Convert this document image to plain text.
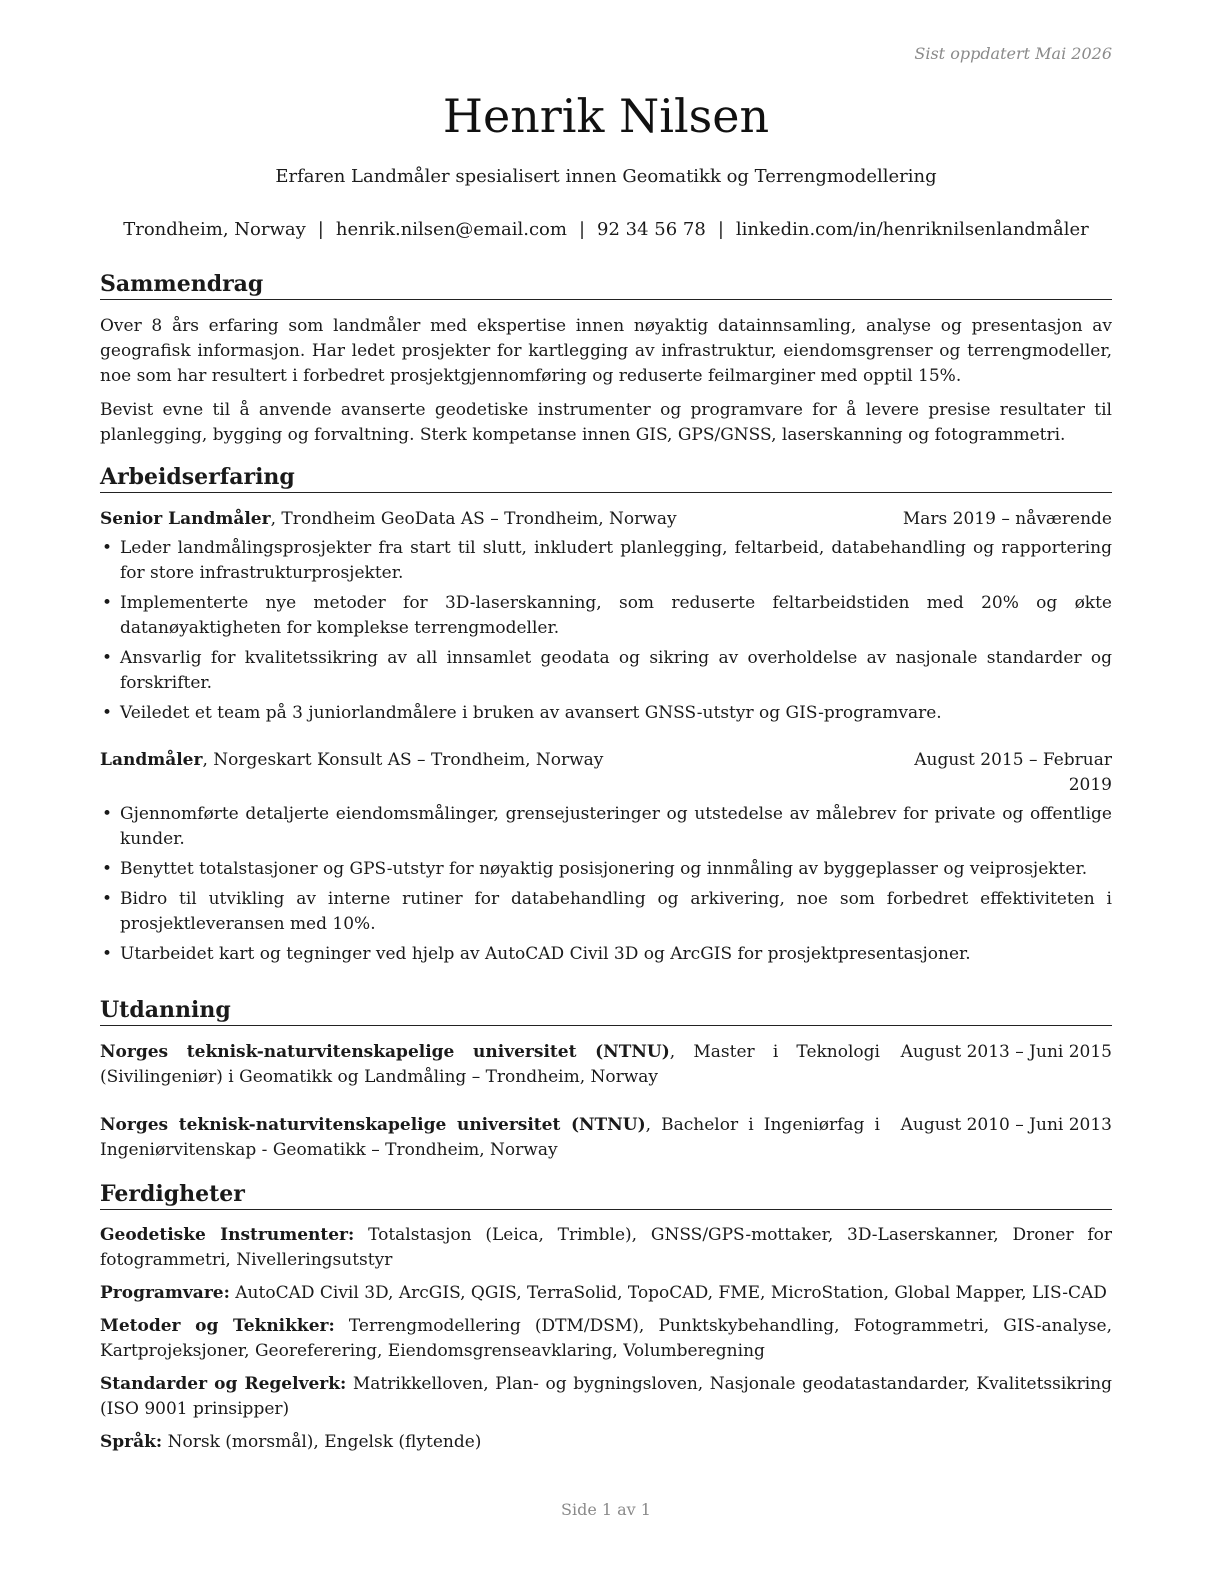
Sist oppdatert Mai 2026
Henrik Nilsen
Erfaren Landmåler spesialisert innen Geomatikk og Terrengmodellering
Trondheim, Norway | henrik.nilsen@email.com | 92 34 56 78 | linkedin.com/in/henriknilsenlandmåler
Sammendrag

Over 8 års erfaring som landmåler med ekspertise innen nøyaktig datainnsamling, analyse og presentasjon av geografisk informasjon. Har ledet prosjekter for kartlegging av infrastruktur, eiendomsgrenser og terrengmodeller, noe som har resultert i forbedret prosjektgjennomføring og reduserte feilmarginer med opptil 15%.

Bevist evne til å anvende avanserte geodetiske instrumenter og programvare for å levere presise resultater til planlegging, bygging og forvaltning. Sterk kompetanse innen GIS, GPS/GNSS, laserskanning og fotogrammetri.

Arbeidserfaring
Senior Landmåler, Trondheim GeoData AS – Trondheim, Norway	Mars 2019 – nåværende
• Leder landmålingsprosjekter fra start til slutt, inkludert planlegging, feltarbeid, databehandling og rapportering for store infrastrukturprosjekter.
• Implementerte nye metoder for 3D-laserskanning, som reduserte feltarbeidstiden med 20% og økte datanøyaktigheten for komplekse terrengmodeller.
• Ansvarlig for kvalitetssikring av all innsamlet geodata og sikring av overholdelse av nasjonale standarder og forskrifter.
• Veiledet et team på 3 juniorlandmålere i bruken av avansert GNSS-utstyr og GIS-programvare.
Landmåler, Norgeskart Konsult AS – Trondheim, Norway	August 2015 – Februar 2019
• Gjennomførte detaljerte eiendomsmålinger, grensejusteringer og utstedelse av målebrev for private og offentlige kunder.
• Benyttet totalstasjoner og GPS-utstyr for nøyaktig posisjonering og innmåling av byggeplasser og veiprosjekter.
• Bidro til utvikling av interne rutiner for databehandling og arkivering, noe som forbedret effektiviteten i prosjektleveransen med 10%.
• Utarbeidet kart og tegninger ved hjelp av AutoCAD Civil 3D og ArcGIS for prosjektpresentasjoner.
Utdanning
Norges teknisk-naturvitenskapelige universitet (NTNU), Master i Teknologi (Sivilingeniør) i Geomatikk og Landmåling – Trondheim, Norway
August 2013 – Juni 2015
Norges teknisk-naturvitenskapelige universitet (NTNU), Bachelor i Ingeniørfag i Ingeniørvitenskap - Geomatikk – Trondheim, Norway
August 2010 – Juni 2013
Ferdigheter
Geodetiske Instrumenter: Totalstasjon (Leica, Trimble), GNSS/GPS-mottaker, 3D-Laserskanner, Droner for fotogrammetri, Nivelleringsutstyr
Programvare: AutoCAD Civil 3D, ArcGIS, QGIS, TerraSolid, TopoCAD, FME, MicroStation, Global Mapper, LIS-CAD
Metoder og Teknikker: Terrengmodellering (DTM/DSM), Punktskybehandling, Fotogrammetri, GIS-analyse, Kartprojeksjoner, Georeferering, Eiendomsgrenseavklaring, Volumberegning
Standarder og Regelverk: Matrikkelloven, Plan- og bygningsloven, Nasjonale geodatastandarder, Kvalitetssikring (ISO 9001 prinsipper)
Språk: Norsk (morsmål), Engelsk (flytende)
Side 1 av 1
